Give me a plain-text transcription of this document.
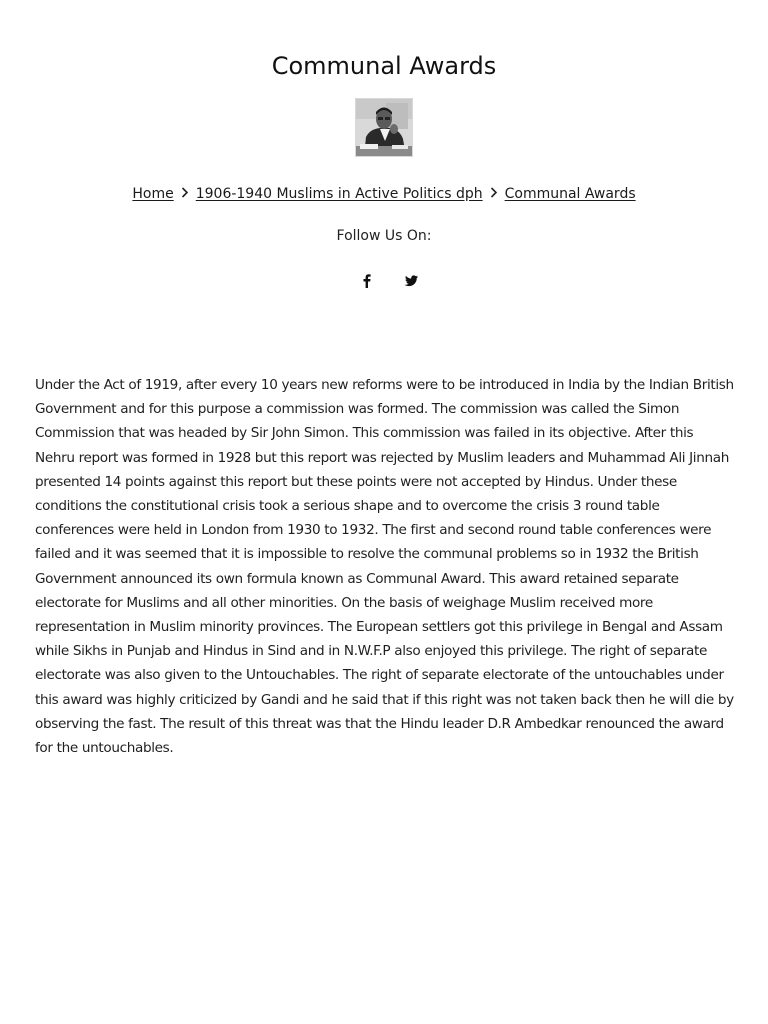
Communal Awards
Home 1906-1940 Muslims in Active Politics dph Communal Awards
Follow Us On:

Under the Act of 1919, after every 10 years new reforms were to be introduced in India by the Indian British Government and for this purpose a commission was formed. The commission was called the Simon Commission that was headed by Sir John Simon. This commission was failed in its objective. After this Nehru report was formed in 1928 but this report was rejected by Muslim leaders and Muhammad Ali Jinnah presented 14 points against this report but these points were not accepted by Hindus. Under these conditions the constitutional crisis took a serious shape and to overcome the crisis 3 round table conferences were held in London from 1930 to 1932. The first and second round table conferences were failed and it was seemed that it is impossible to resolve the communal problems so in 1932 the British Government announced its own formula known as Communal Award. This award retained separate electorate for Muslims and all other minorities. On the basis of weighage Muslim received more representation in Muslim minority provinces. The European settlers got this privilege in Bengal and Assam while Sikhs in Punjab and Hindus in Sind and in N.W.F.P also enjoyed this privilege. The right of separate electorate was also given to the Untouchables. The right of separate electorate of the untouchables under this award was highly criticized by Gandi and he said that if this right was not taken back then he will die by observing the fast. The result of this threat was that the Hindu leader D.R Ambedkar renounced the award for the untouchables.
